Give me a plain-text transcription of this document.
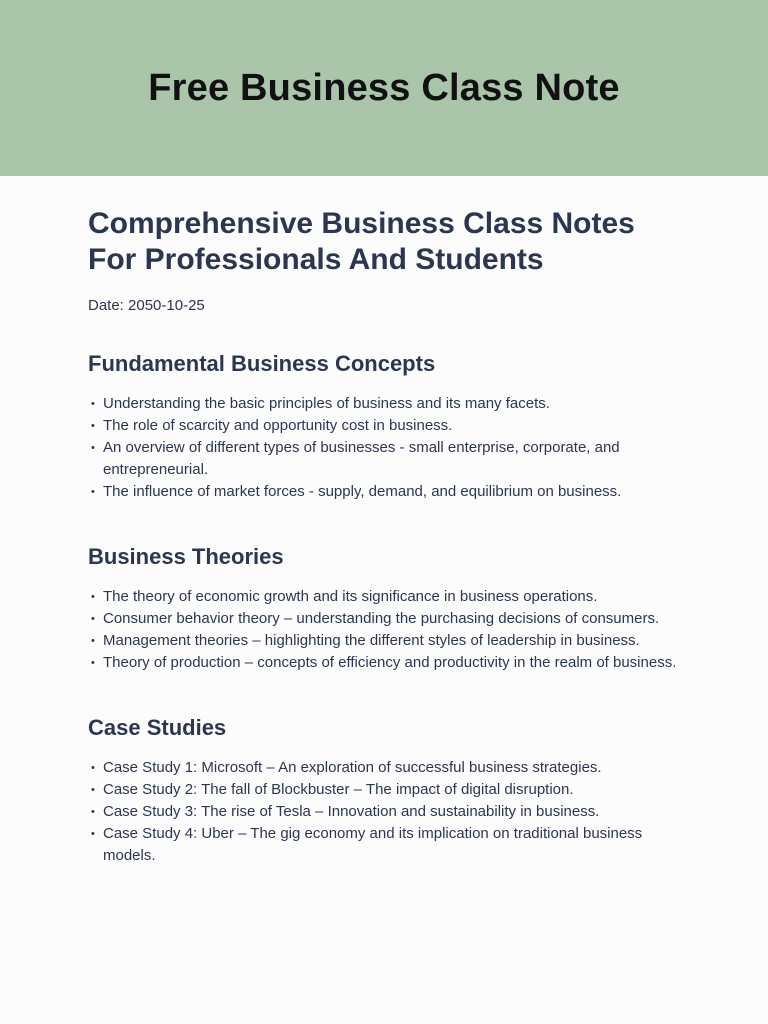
Free Business Class Note
Comprehensive Business Class Notes For Professionals And Students
Date: 2050-10-25
Fundamental Business Concepts
• Understanding the basic principles of business and its many facets.
• The role of scarcity and opportunity cost in business.
• An overview of different types of businesses - small enterprise, corporate, and entrepreneurial.
• The influence of market forces - supply, demand, and equilibrium on business.
Business Theories
• The theory of economic growth and its significance in business operations.
• Consumer behavior theory – understanding the purchasing decisions of consumers.
• Management theories – highlighting the different styles of leadership in business.
• Theory of production – concepts of efficiency and productivity in the realm of business.
Case Studies
• Case Study 1: Microsoft – An exploration of successful business strategies.
• Case Study 2: The fall of Blockbuster – The impact of digital disruption.
• Case Study 3: The rise of Tesla – Innovation and sustainability in business.
• Case Study 4: Uber – The gig economy and its implication on traditional business models.
